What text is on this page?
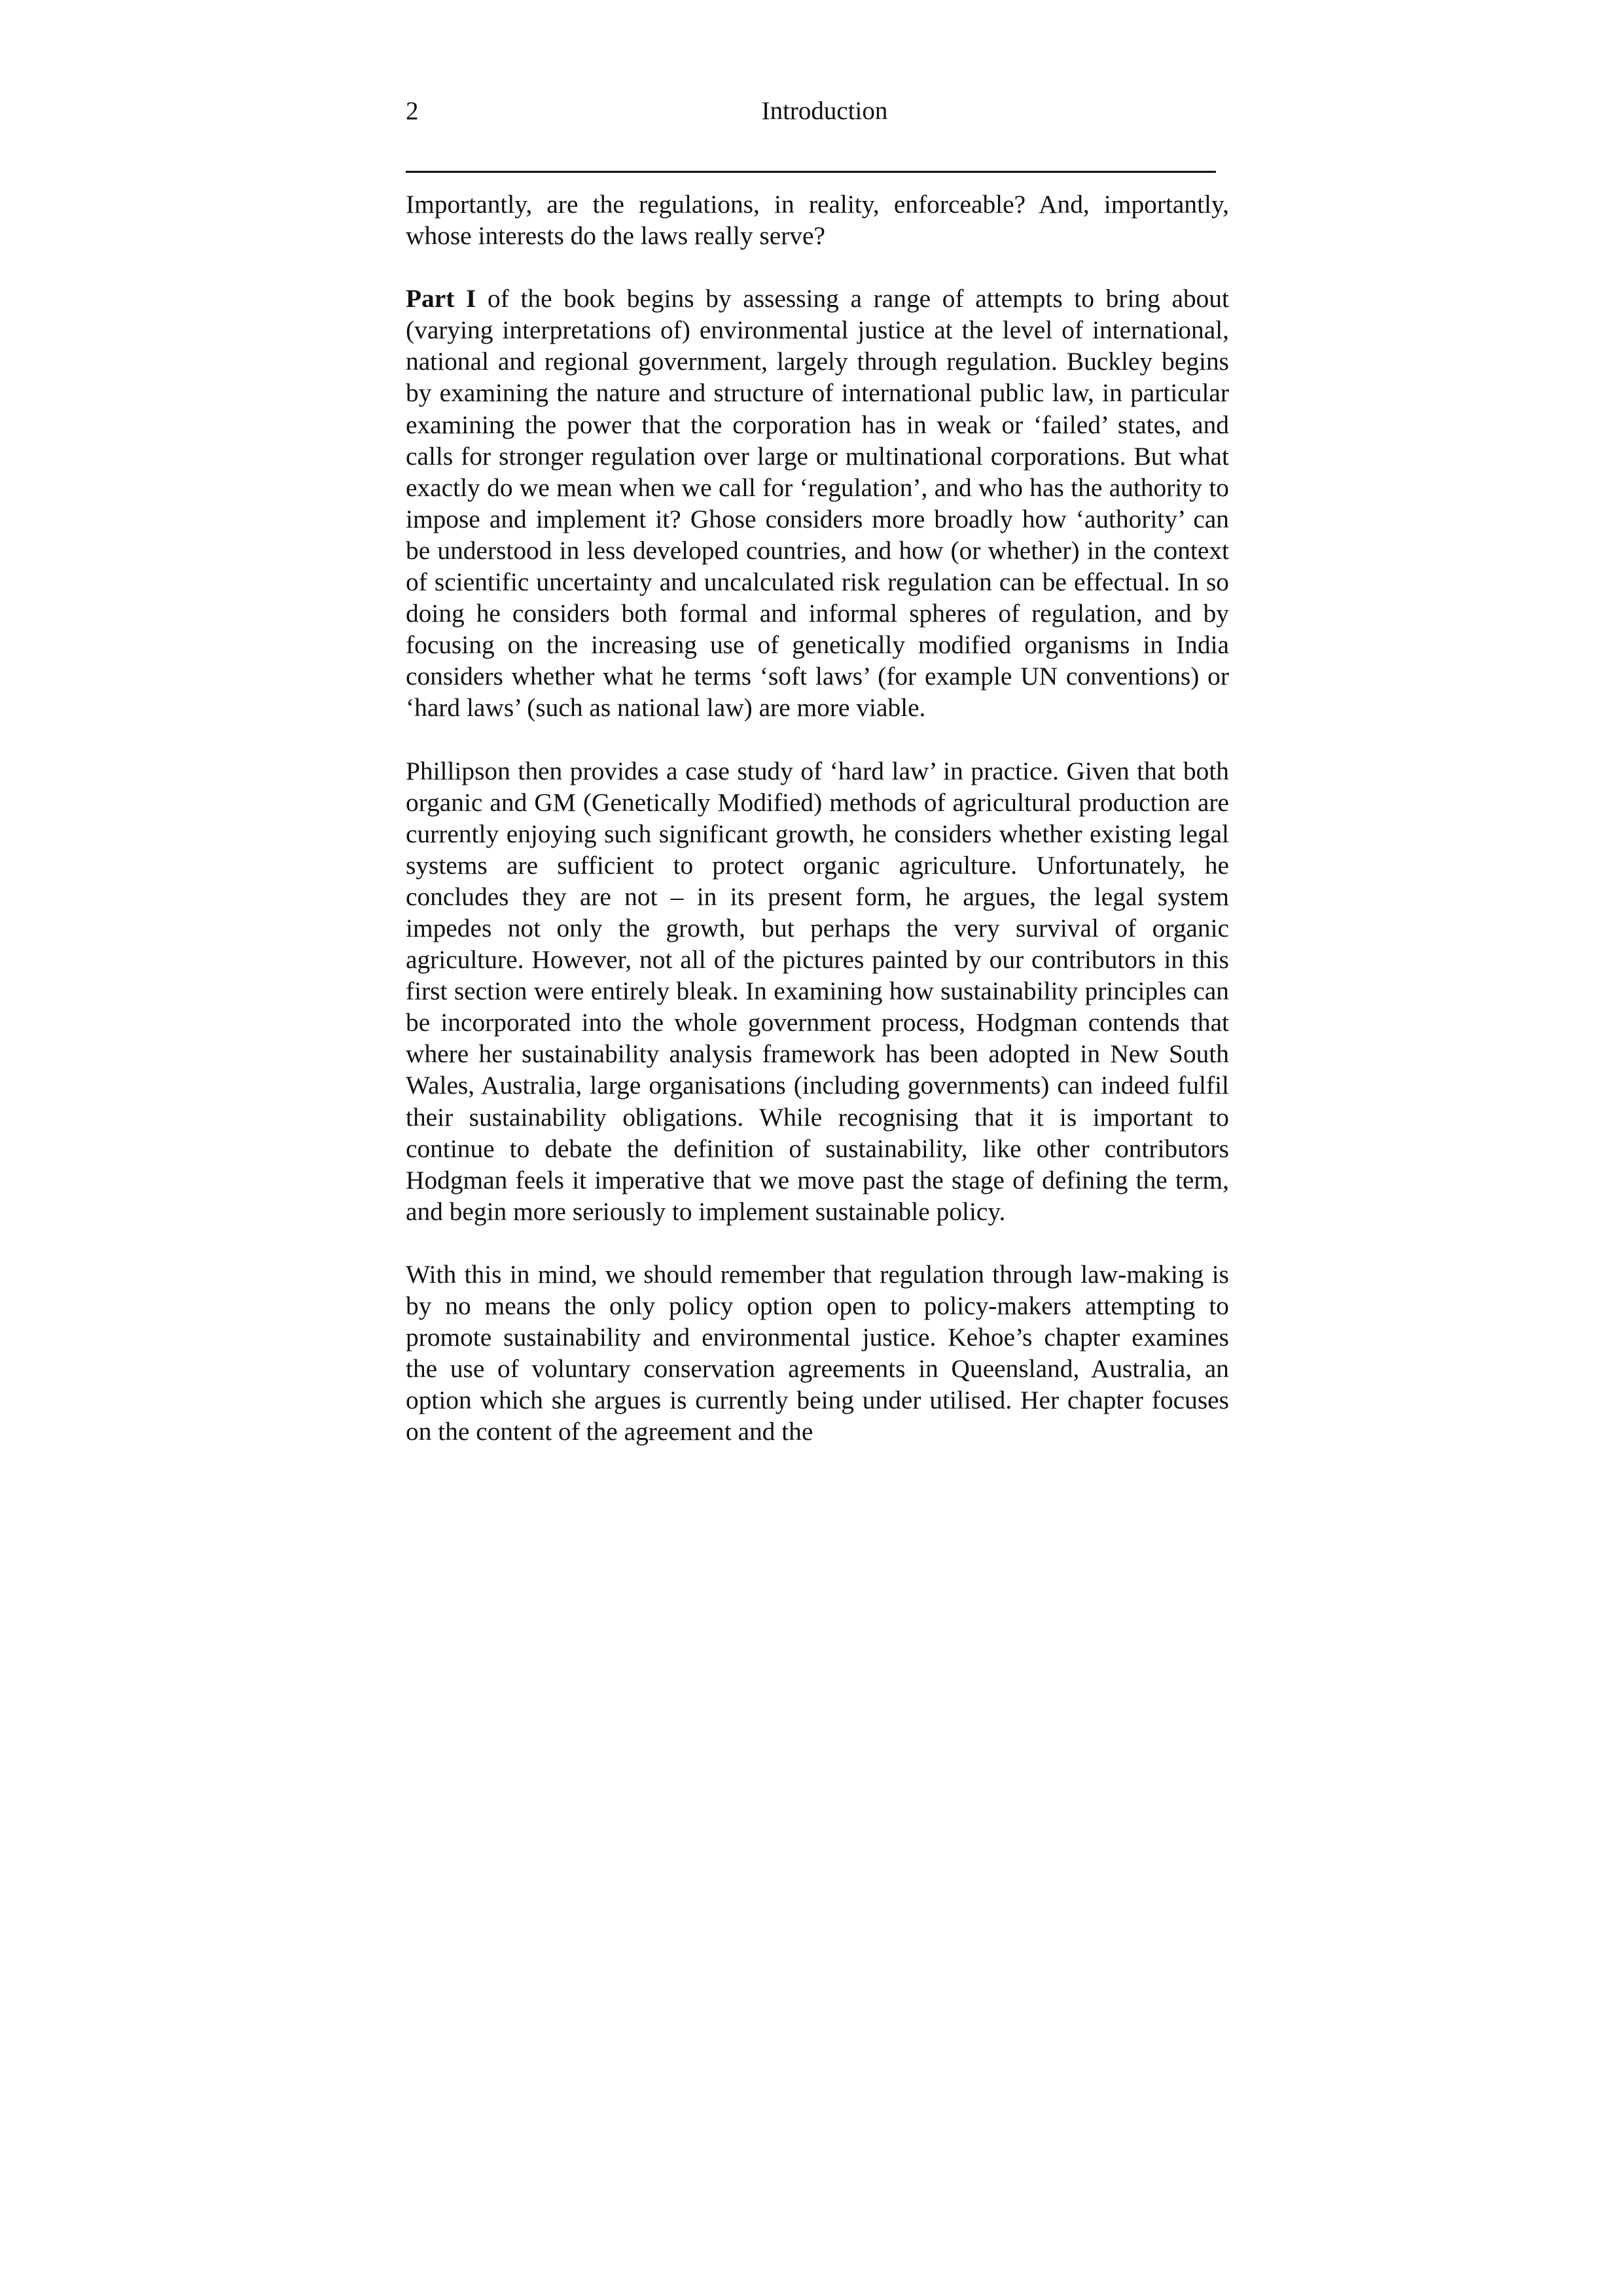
2	Introduction

Importantly, are the regulations, in reality, enforceable? And, importantly, whose interests do the laws really serve?

Part I of the book begins by assessing a range of attempts to bring about (varying interpretations of) environmental justice at the level of international, national and regional government, largely through regulation. Buckley begins by examining the nature and structure of international public law, in particular examining the power that the corporation has in weak or ‘failed’ states, and calls for stronger regulation over large or multinational corporations. But what exactly do we mean when we call for ‘regulation’, and who has the authority to impose and implement it? Ghose considers more broadly how ‘authority’ can be understood in less developed countries, and how (or whether) in the context of scientific uncertainty and uncalculated risk regulation can be effectual. In so doing he considers both formal and informal spheres of regulation, and by focusing on the increasing use of genetically modified organisms in India considers whether what he terms ‘soft laws’ (for example UN conventions) or ‘hard laws’ (such as national law) are more viable.

Phillipson then provides a case study of ‘hard law’ in practice. Given that both organic and GM (Genetically Modified) methods of agricultural production are currently enjoying such significant growth, he considers whether existing legal systems are sufficient to protect organic agriculture. Unfortunately, he concludes they are not – in its present form, he argues, the legal system impedes not only the growth, but perhaps the very survival of organic agriculture. However, not all of the pictures painted by our contributors in this first section were entirely bleak. In examining how sustainability principles can be incorporated into the whole government process, Hodgman contends that where her sustainability analysis framework has been adopted in New South Wales, Australia, large organisations (including governments) can indeed fulfil their sustainability obligations. While recognising that it is important to continue to debate the definition of sustainability, like other contributors Hodgman feels it imperative that we move past the stage of defining the term, and begin more seriously to implement sustainable policy.

With this in mind, we should remember that regulation through law-making is by no means the only policy option open to policy-makers attempting to promote sustainability and environmental justice. Kehoe’s chapter examines the use of voluntary conservation agreements in Queensland, Australia, an option which she argues is currently being under utilised. Her chapter focuses on the content of the agreement and the
